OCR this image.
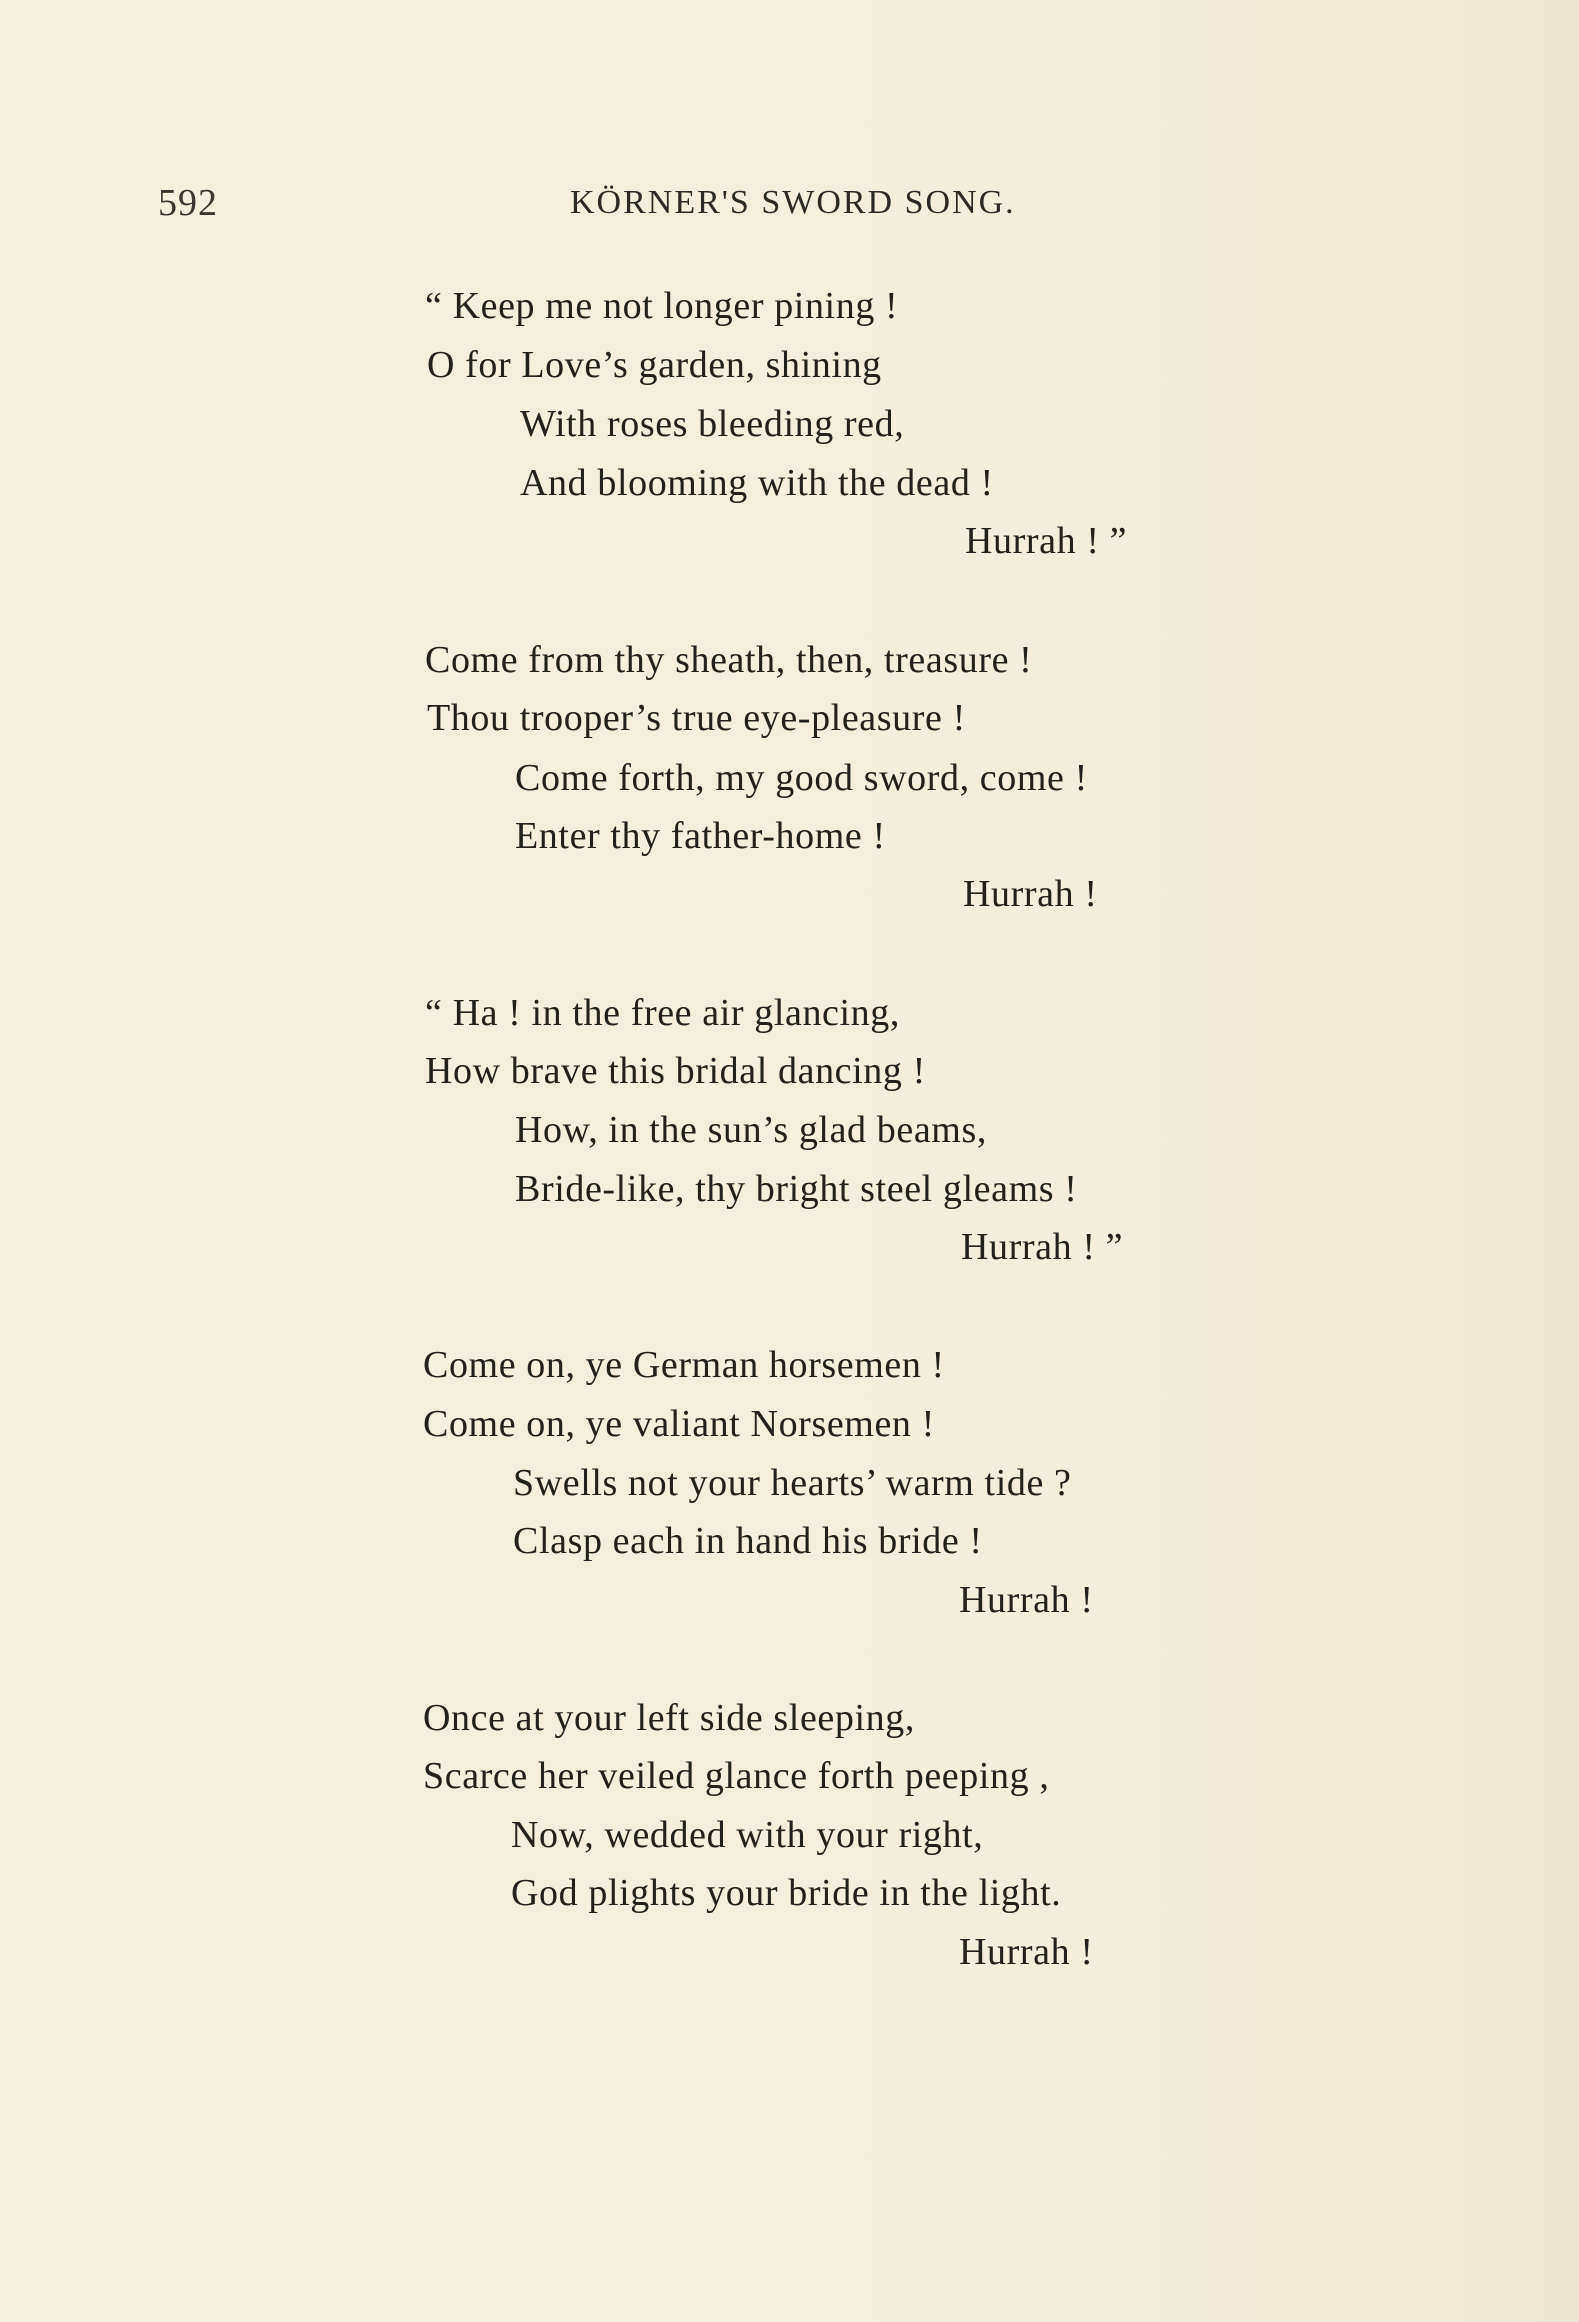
592	KÖRNER'S SWORD SONG.
“ Keep me not longer pining !
O for Love’s garden, shining
With roses bleeding red,
And blooming with the dead !
Hurrah ! ”
Come from thy sheath, then, treasure !
Thou trooper’s true eye-pleasure !
Come forth, my good sword, come !
Enter thy father-home !
Hurrah !
“ Ha ! in the free air glancing,
How brave this bridal dancing !
How, in the sun’s glad beams,
Bride-like, thy bright steel gleams !
Hurrah ! ”
Come on, ye German horsemen !
Come on, ye valiant Norsemen !
Swells not your hearts’ warm tide ?
Clasp each in hand his bride !
Hurrah !
Once at your left side sleeping,
Scarce her veiled glance forth peeping ,
Now, wedded with your right,
God plights your bride in the light.
Hurrah !
